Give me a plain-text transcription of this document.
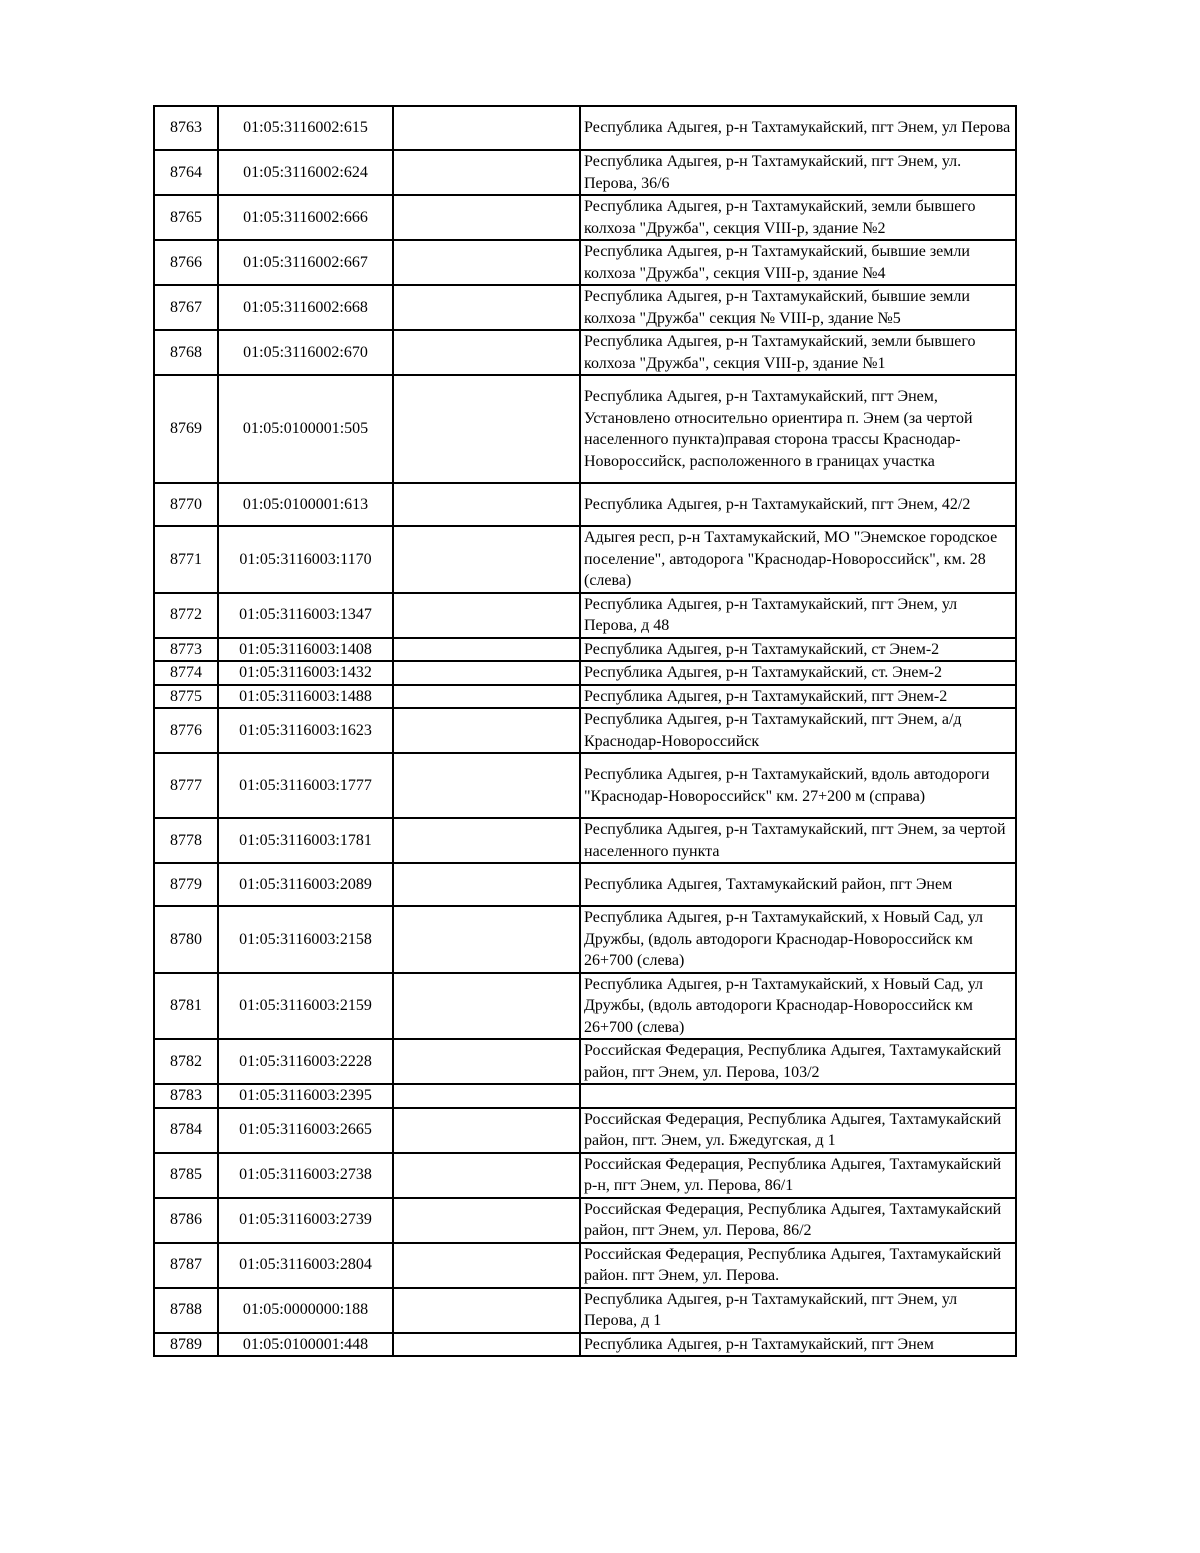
8763	01:05:3116002:615		Республика Адыгея, р-н Тахтамукайский, пгт Энем, ул Перова
8764	01:05:3116002:624		Республика Адыгея, р-н Тахтамукайский, пгт Энем, ул. Перова, 36/6
8765	01:05:3116002:666		Республика Адыгея, р-н Тахтамукайский, земли бывшего колхоза "Дружба", секция VIII-р, здание №2
8766	01:05:3116002:667		Республика Адыгея, р-н Тахтамукайский, бывшие земли колхоза "Дружба", секция VIII-р, здание №4
8767	01:05:3116002:668		Республика Адыгея, р-н Тахтамукайский, бывшие земли колхоза "Дружба" секция № VIII-р, здание №5
8768	01:05:3116002:670		Республика Адыгея, р-н Тахтамукайский, земли бывшего колхоза "Дружба", секция VIII-р, здание №1
8769	01:05:0100001:505		Республика Адыгея, р-н Тахтамукайский, пгт Энем, Установлено относительно ориентира п. Энем (за чертой населенного пункта)правая сторона трассы Краснодар-Новороссийск, расположенного в границах участка
8770	01:05:0100001:613		Республика Адыгея, р-н Тахтамукайский, пгт Энем, 42/2
8771	01:05:3116003:1170		Адыгея респ, р-н Тахтамукайский, МО "Энемское городское поселение", автодорога "Краснодар-Новороссийск", км. 28 (слева)
8772	01:05:3116003:1347		Республика Адыгея, р-н Тахтамукайский, пгт Энем, ул Перова, д 48
8773	01:05:3116003:1408		Республика Адыгея, р-н Тахтамукайский, ст Энем-2
8774	01:05:3116003:1432		Республика Адыгея, р-н Тахтамукайский, ст. Энем-2
8775	01:05:3116003:1488		Республика Адыгея, р-н Тахтамукайский, пгт Энем-2
8776	01:05:3116003:1623		Республика Адыгея, р-н Тахтамукайский, пгт Энем, а/д Краснодар-Новороссийск
8777	01:05:3116003:1777		Республика Адыгея, р-н Тахтамукайский, вдоль автодороги "Краснодар-Новороссийск" км. 27+200 м (справа)
8778	01:05:3116003:1781		Республика Адыгея, р-н Тахтамукайский, пгт Энем, за чертой населенного пункта
8779	01:05:3116003:2089		Республика Адыгея, Тахтамукайский район, пгт Энем
8780	01:05:3116003:2158		Республика Адыгея, р-н Тахтамукайский, х Новый Сад, ул Дружбы, (вдоль автодороги Краснодар-Новороссийск км 26+700 (слева)
8781	01:05:3116003:2159		Республика Адыгея, р-н Тахтамукайский, х Новый Сад, ул Дружбы, (вдоль автодороги Краснодар-Новороссийск км 26+700 (слева)
8782	01:05:3116003:2228		Российская Федерация, Республика Адыгея, Тахтамукайский район, пгт Энем, ул. Перова, 103/2
8783	01:05:3116003:2395		
8784	01:05:3116003:2665		Российская Федерация, Республика Адыгея, Тахтамукайский район, пгт. Энем, ул. Бжедугская, д 1
8785	01:05:3116003:2738		Российская Федерация, Республика Адыгея, Тахтамукайский р-н, пгт Энем, ул. Перова, 86/1
8786	01:05:3116003:2739		Российская Федерация, Республика Адыгея, Тахтамукайский район, пгт Энем, ул. Перова, 86/2
8787	01:05:3116003:2804		Российская Федерация, Республика Адыгея, Тахтамукайский район. пгт Энем, ул. Перова.
8788	01:05:0000000:188		Республика Адыгея, р-н Тахтамукайский, пгт Энем, ул Перова, д 1
8789	01:05:0100001:448		Республика Адыгея, р-н Тахтамукайский, пгт Энем
